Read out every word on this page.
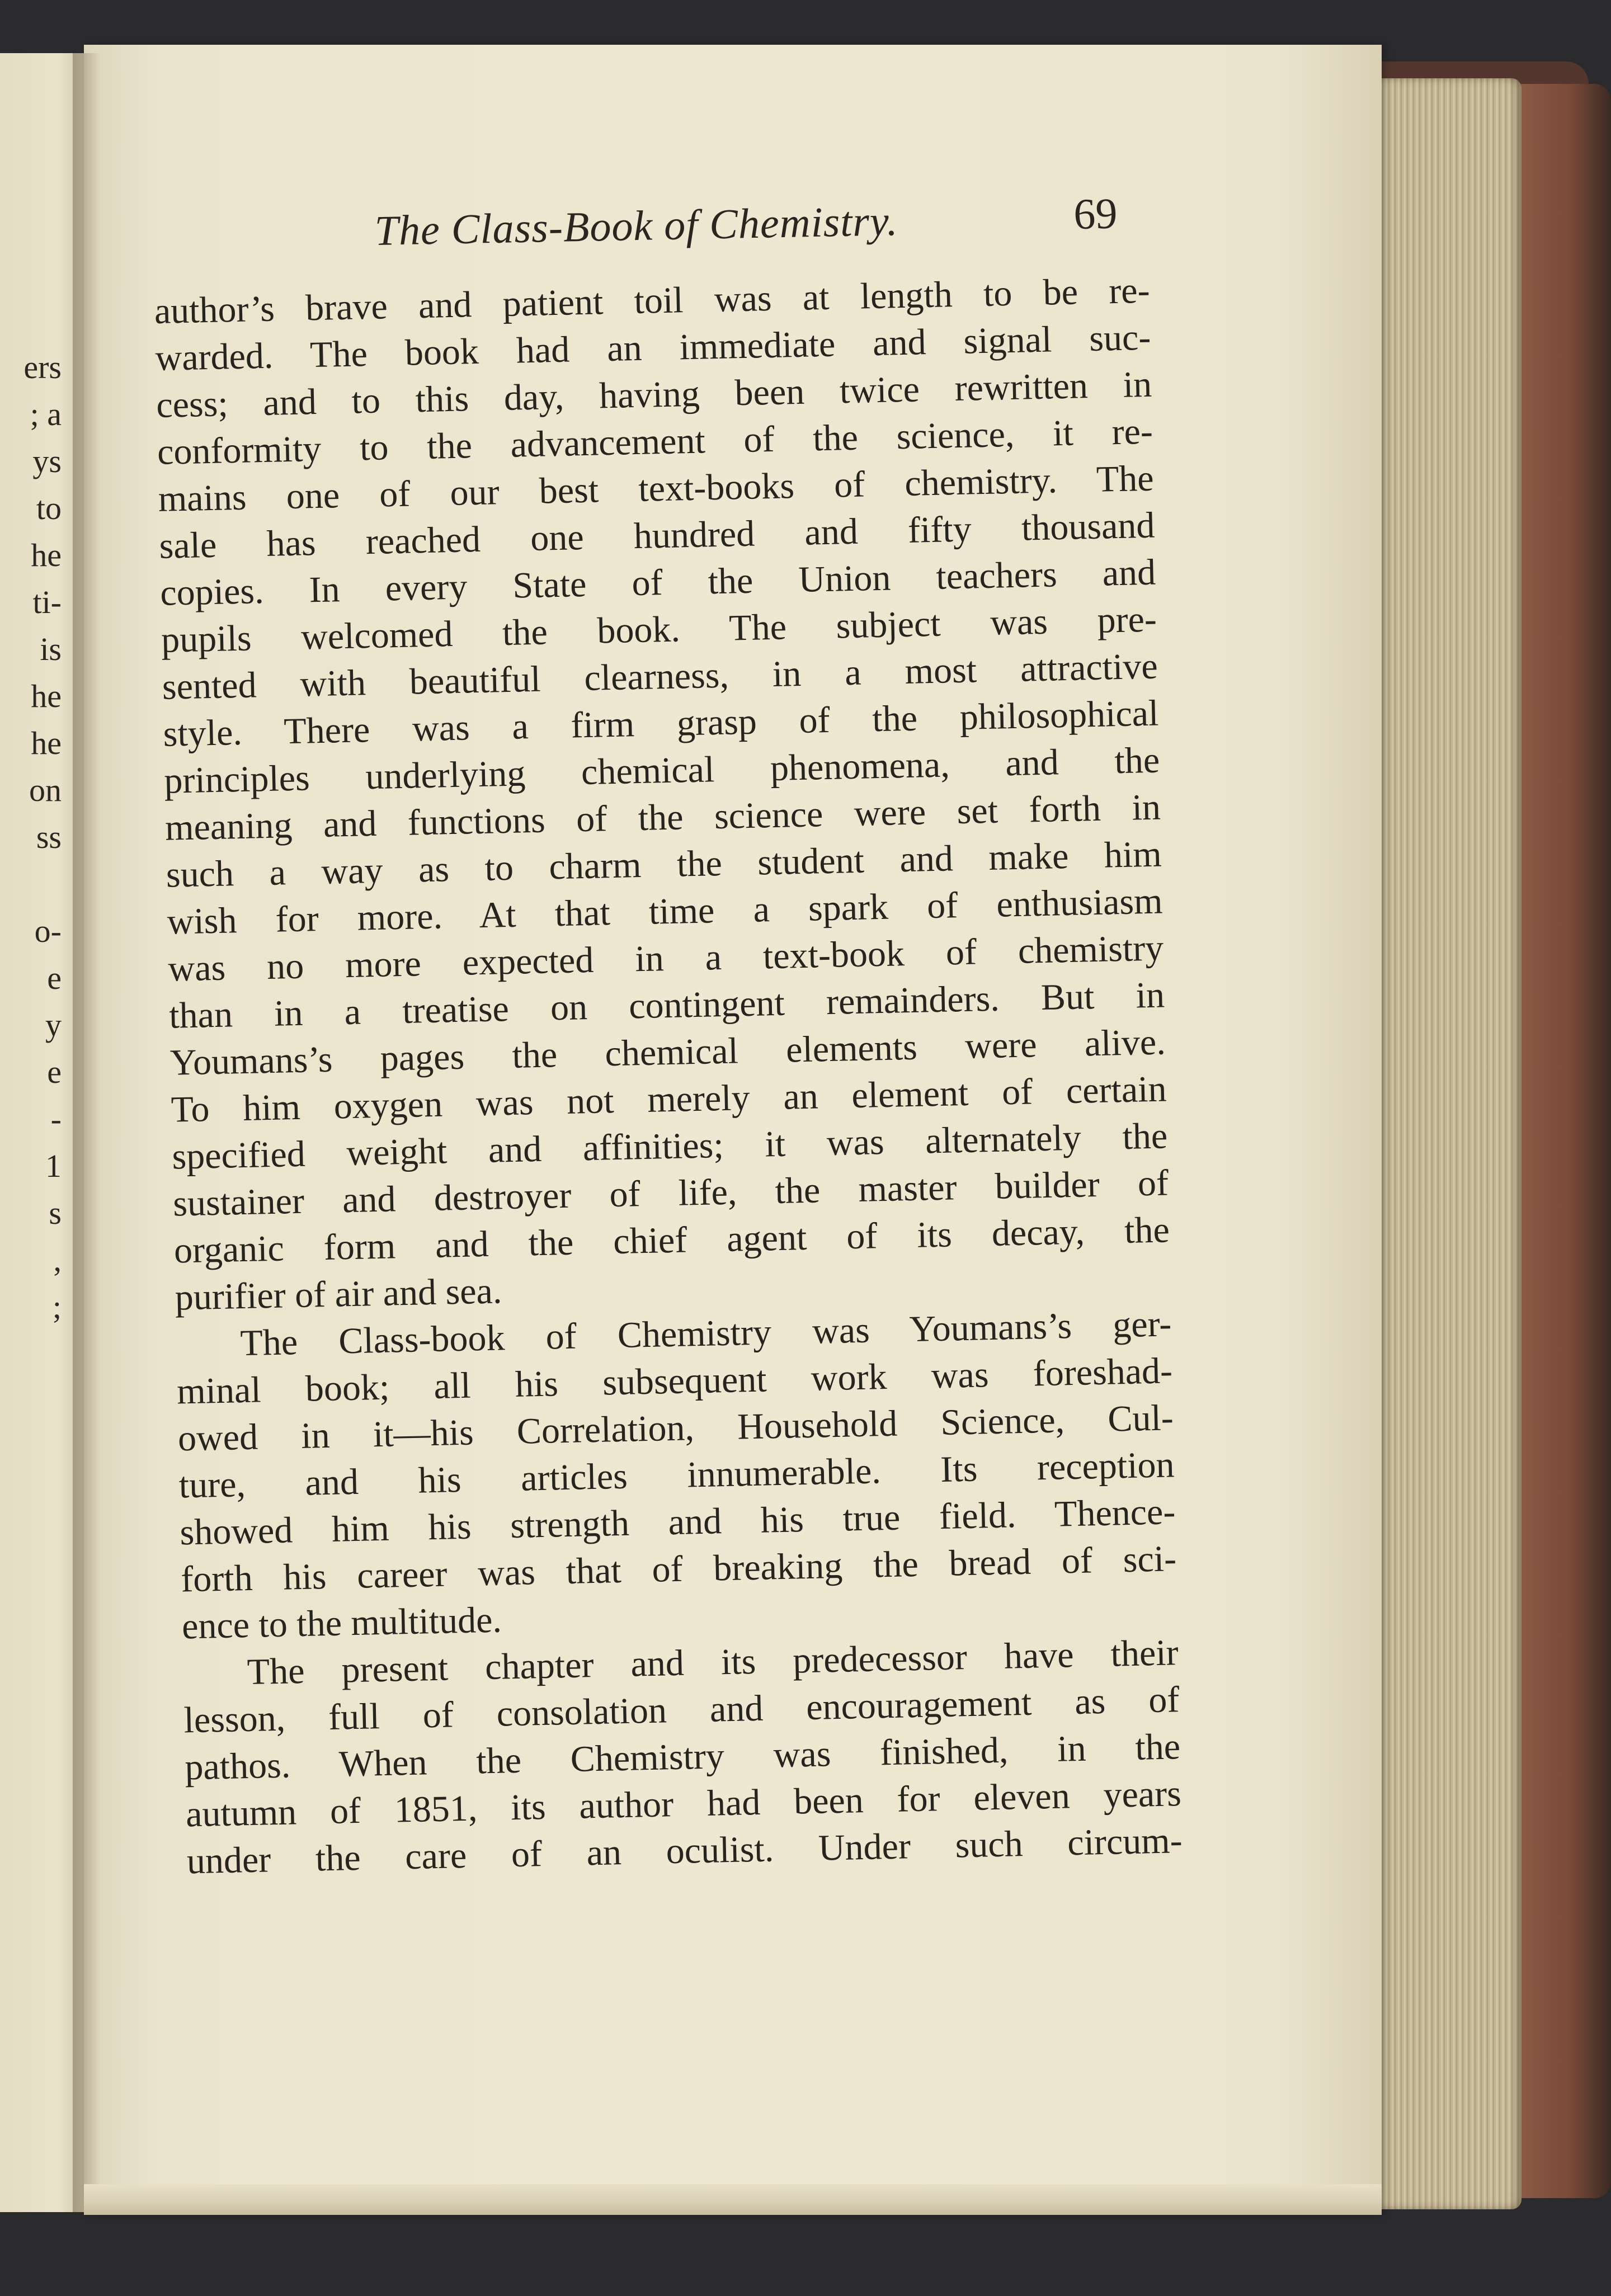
ers
; a
ys
to
he
ti-
is
he
he
on
ss
o-
e
y
e
-
1
s
,
;
The Class-Book of Chemistry.	69
author’s brave and patient toil was at length to be re-
warded. The book had an immediate and signal suc-
cess; and to this day, having been twice rewritten in
conformity to the advancement of the science, it re-
mains one of our best text-books of chemistry. The
sale has reached one hundred and fifty thousand
copies. In every State of the Union teachers and
pupils welcomed the book. The subject was pre-
sented with beautiful clearness, in a most attractive
style. There was a firm grasp of the philosophical
principles underlying chemical phenomena, and the
meaning and functions of the science were set forth in
such a way as to charm the student and make him
wish for more. At that time a spark of enthusiasm
was no more expected in a text-book of chemistry
than in a treatise on contingent remainders. But in
Youmans’s pages the chemical elements were alive.
To him oxygen was not merely an element of certain
specified weight and affinities; it was alternately the
sustainer and destroyer of life, the master builder of
organic form and the chief agent of its decay, the
purifier of air and sea.
The Class-book of Chemistry was Youmans’s ger-
minal book; all his subsequent work was foreshad-
owed in it—his Correlation, Household Science, Cul-
ture, and his articles innumerable. Its reception
showed him his strength and his true field. Thence-
forth his career was that of breaking the bread of sci-
ence to the multitude.
The present chapter and its predecessor have their
lesson, full of consolation and encouragement as of
pathos. When the Chemistry was finished, in the
autumn of 1851, its author had been for eleven years
under the care of an oculist. Under such circum-
